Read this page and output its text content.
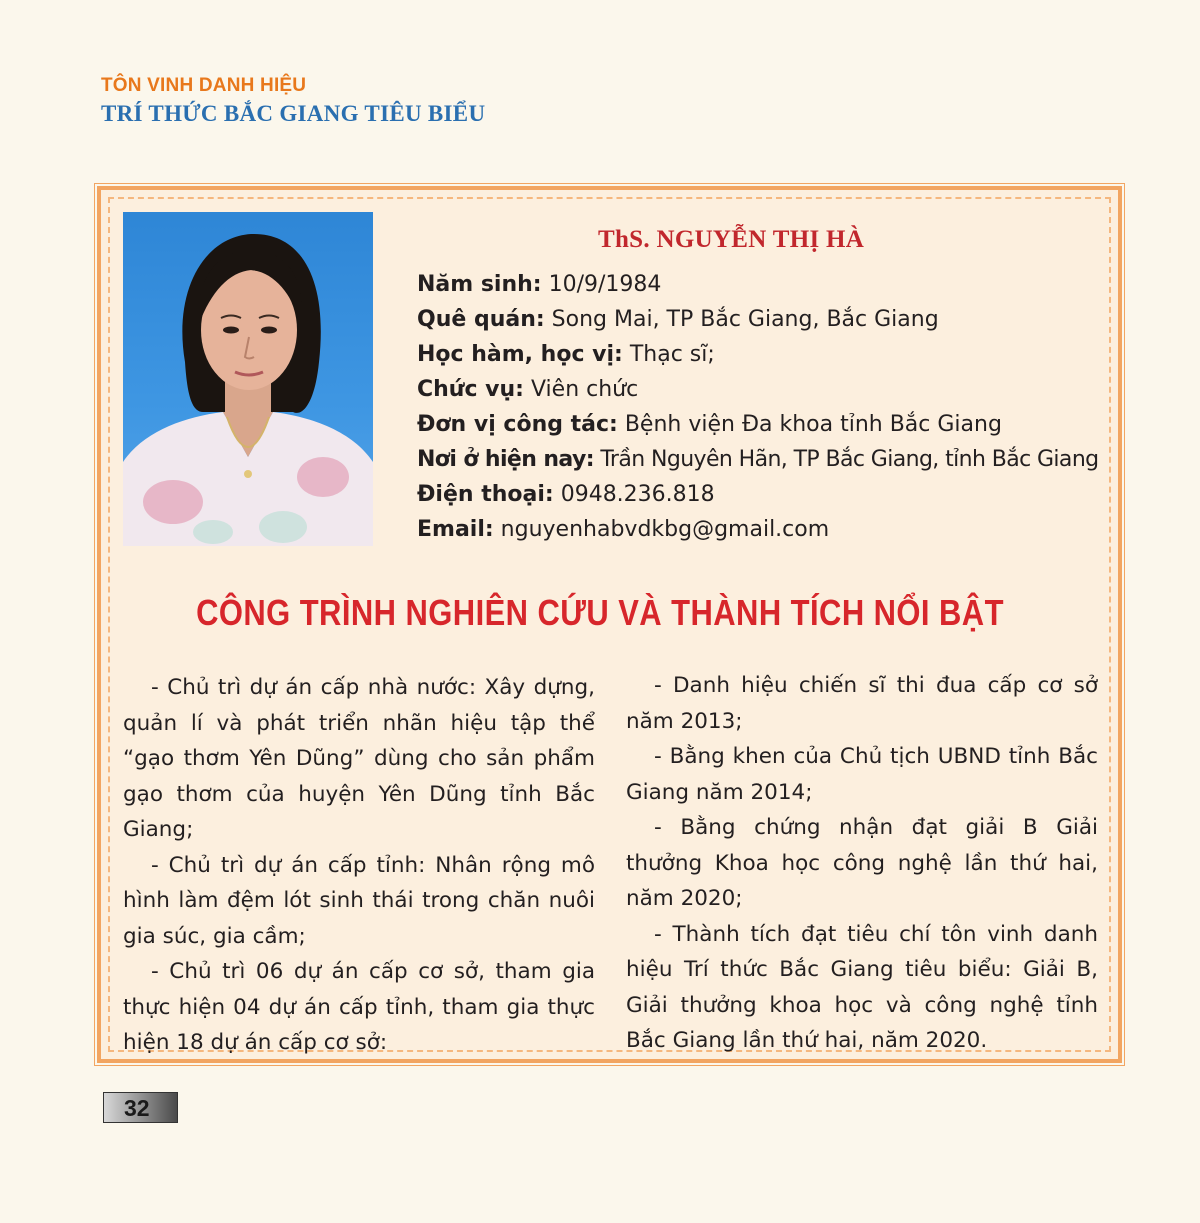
TÔN VINH DANH HIỆU
TRÍ THỨC BẮC GIANG TIÊU BIỂU
ThS. NGUYỄN THỊ HÀ
Năm sinh: 10/9/1984
Quê quán: Song Mai, TP Bắc Giang, Bắc Giang
Học hàm, học vị: Thạc sĩ;
Chức vụ: Viên chức
Đơn vị công tác: Bệnh viện Đa khoa tỉnh Bắc Giang
Nơi ở hiện nay: Trần Nguyên Hãn, TP Bắc Giang, tỉnh Bắc Giang
Điện thoại: 0948.236.818
Email: nguyenhabvdkbg@gmail.com
CÔNG TRÌNH NGHIÊN CỨU VÀ THÀNH TÍCH NỔI BẬT

- Chủ trì dự án cấp nhà nước: Xây dựng, quản lí và phát triển nhãn hiệu tập thể “gạo thơm Yên Dũng” dùng cho sản phẩm gạo thơm của huyện Yên Dũng tỉnh Bắc Giang;

- Chủ trì dự án cấp tỉnh: Nhân rộng mô hình làm đệm lót sinh thái trong chăn nuôi gia súc, gia cầm;

- Chủ trì 06 dự án cấp cơ sở, tham gia thực hiện 04 dự án cấp tỉnh, tham gia thực hiện 18 dự án cấp cơ sở:

- Danh hiệu chiến sĩ thi đua cấp cơ sở năm 2013;

- Bằng khen của Chủ tịch UBND tỉnh Bắc Giang năm 2014;

- Bằng chứng nhận đạt giải B Giải thưởng Khoa học công nghệ lần thứ hai, năm 2020;

- Thành tích đạt tiêu chí tôn vinh danh hiệu Trí thức Bắc Giang tiêu biểu: Giải B, Giải thưởng khoa học và công nghệ tỉnh Bắc Giang lần thứ hai, năm 2020.

32
